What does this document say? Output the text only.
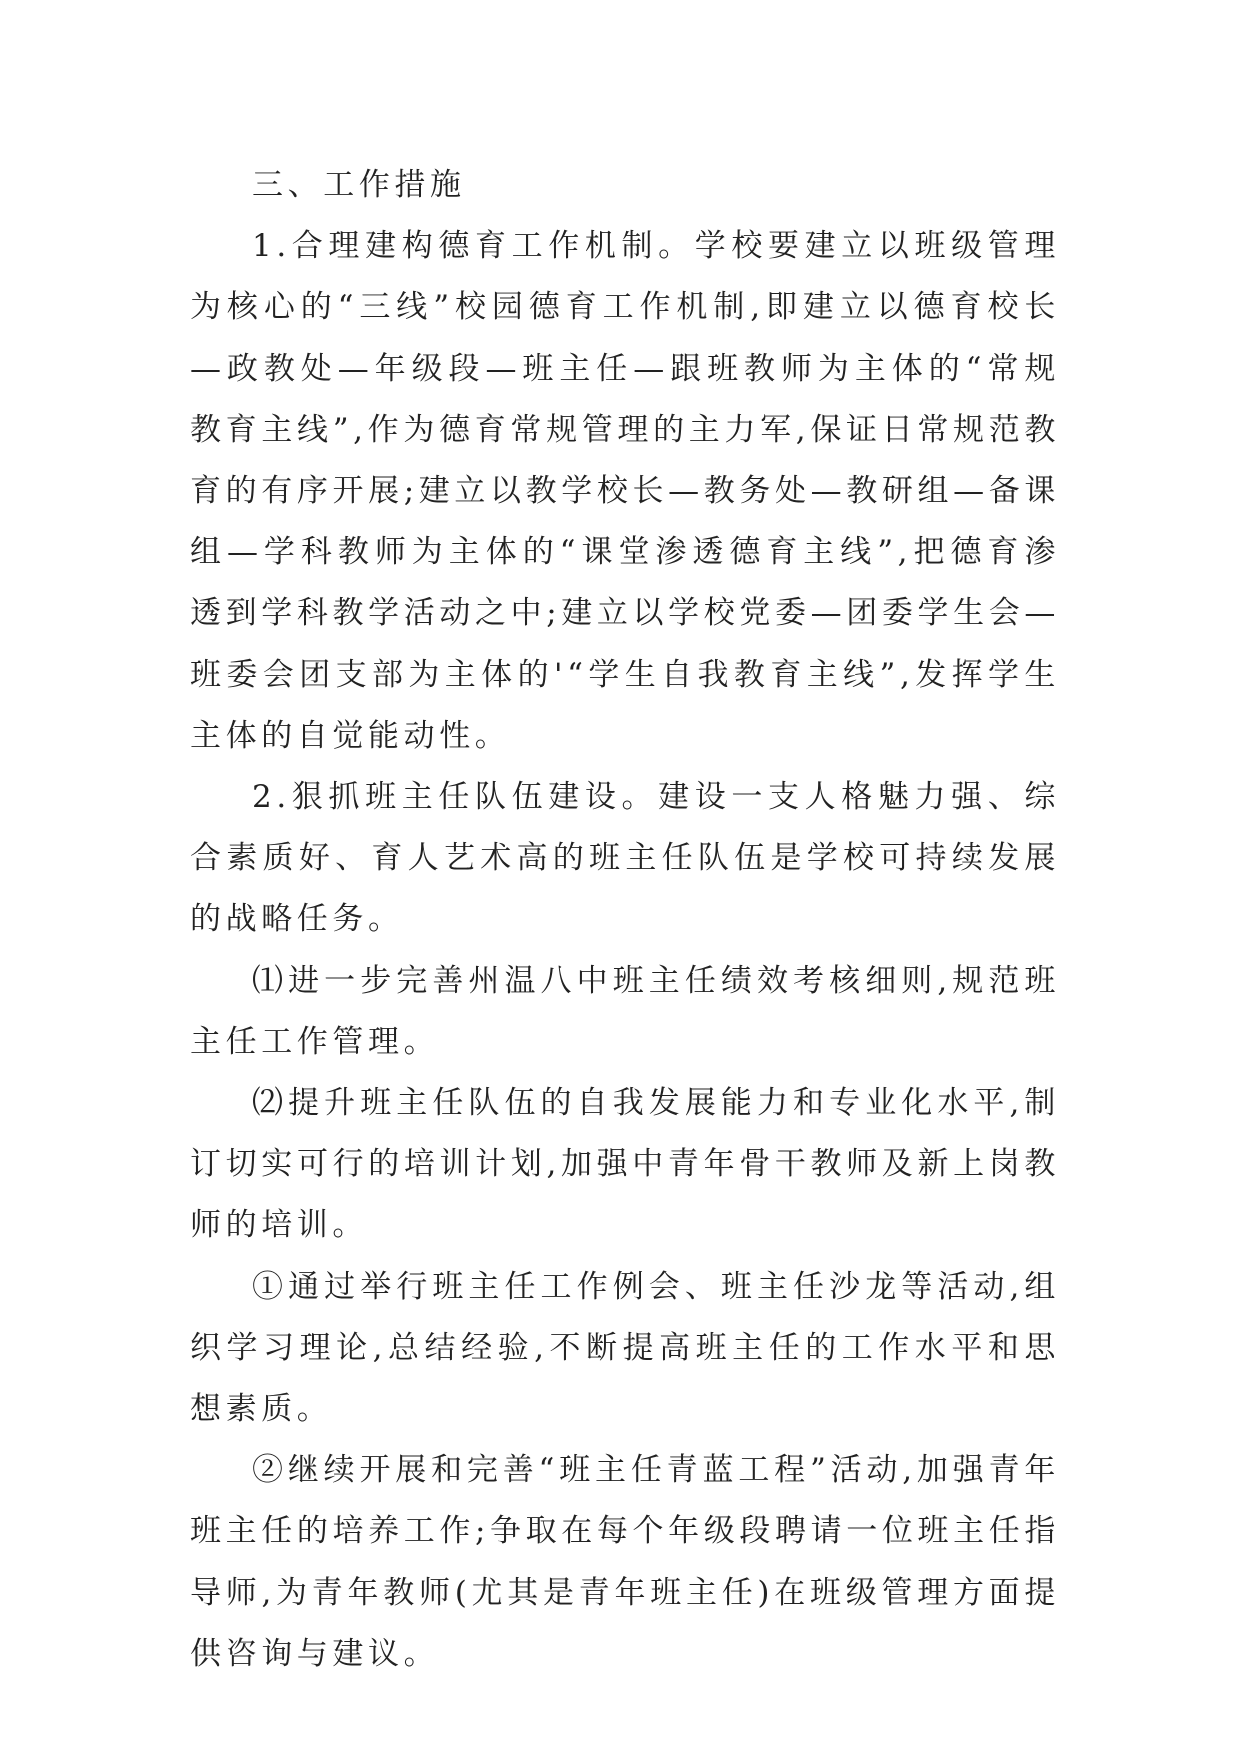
三、工作措施

1.合理建构德育工作机制。学校要建立以班级管理为核心的“三线”校园德育工作机制,即建立以德育校长—政教处—年级段—班主任—跟班教师为主体的“常规教育主线”,作为德育常规管理的主力军,保证日常规范教育的有序开展;建立以教学校长—教务处—教研组—备课组—学科教师为主体的“课堂渗透德育主线”,把德育渗透到学科教学活动之中;建立以学校党委—团委学生会—班委会团支部为主体的'“学生自我教育主线”,发挥学生主体的自觉能动性。

2.狠抓班主任队伍建设。建设一支人格魅力强、综合素质好、育人艺术高的班主任队伍是学校可持续发展的战略任务。

⑴进一步完善州温八中班主任绩效考核细则,规范班主任工作管理。

⑵提升班主任队伍的自我发展能力和专业化水平,制订切实可行的培训计划,加强中青年骨干教师及新上岗教师的培训。

①通过举行班主任工作例会、班主任沙龙等活动,组织学习理论,总结经验,不断提高班主任的工作水平和思想素质。

②继续开展和完善“班主任青蓝工程”活动,加强青年班主任的培养工作;争取在每个年级段聘请一位班主任指导师,为青年教师(尤其是青年班主任)在班级管理方面提供咨询与建议。
